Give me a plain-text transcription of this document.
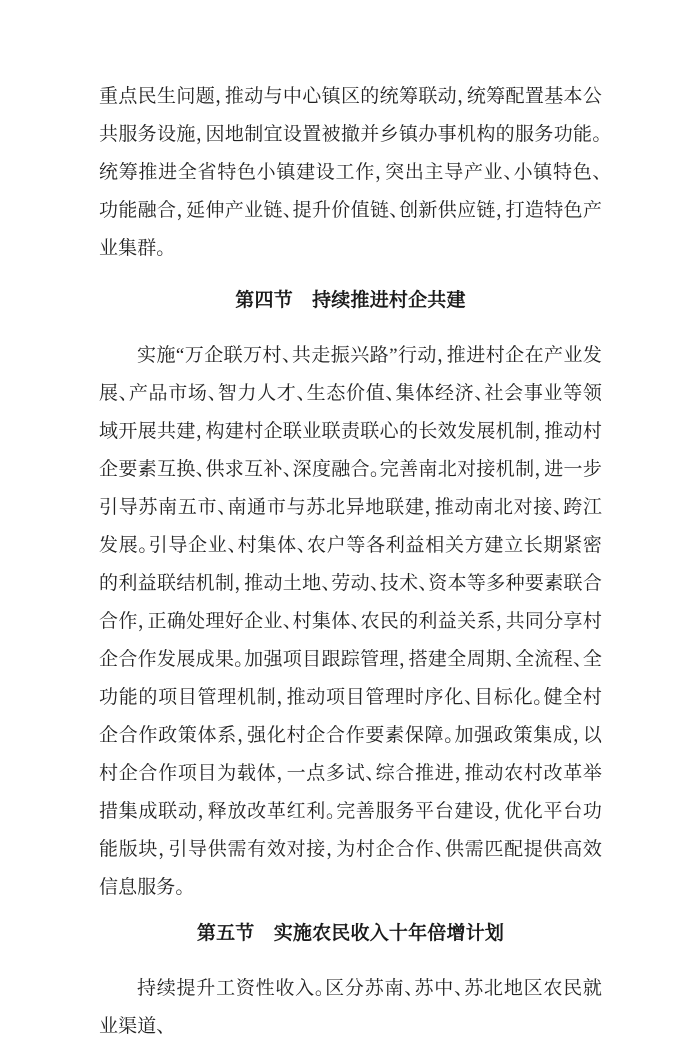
重点民生问题，推动与中心镇区的统筹联动，统筹配置基本公共服务设施，因地制宜设置被撤并乡镇办事机构的服务功能。统筹推进全省特色小镇建设工作，突出主导产业、小镇特色、功能融合，延伸产业链、提升价值链、创新供应链，打造特色产业集群。

第四节　持续推进村企共建

实施“万企联万村、共走振兴路”行动，推进村企在产业发展、产品市场、智力人才、生态价值、集体经济、社会事业等领域开展共建，构建村企联业联责联心的长效发展机制，推动村企要素互换、供求互补、深度融合。完善南北对接机制，进一步引导苏南五市、南通市与苏北异地联建，推动南北对接、跨江发展。引导企业、村集体、农户等各利益相关方建立长期紧密的利益联结机制，推动土地、劳动、技术、资本等多种要素联合合作，正确处理好企业、村集体、农民的利益关系，共同分享村企合作发展成果。加强项目跟踪管理，搭建全周期、全流程、全功能的项目管理机制，推动项目管理时序化、目标化。健全村企合作政策体系，强化村企合作要素保障。加强政策集成，以村企合作项目为载体，一点多试、综合推进，推动农村改革举措集成联动，释放改革红利。完善服务平台建设，优化平台功能版块，引导供需有效对接，为村企合作、供需匹配提供高效信息服务。

第五节　实施农民收入十年倍增计划

持续提升工资性收入。区分苏南、苏中、苏北地区农民就业渠道、
